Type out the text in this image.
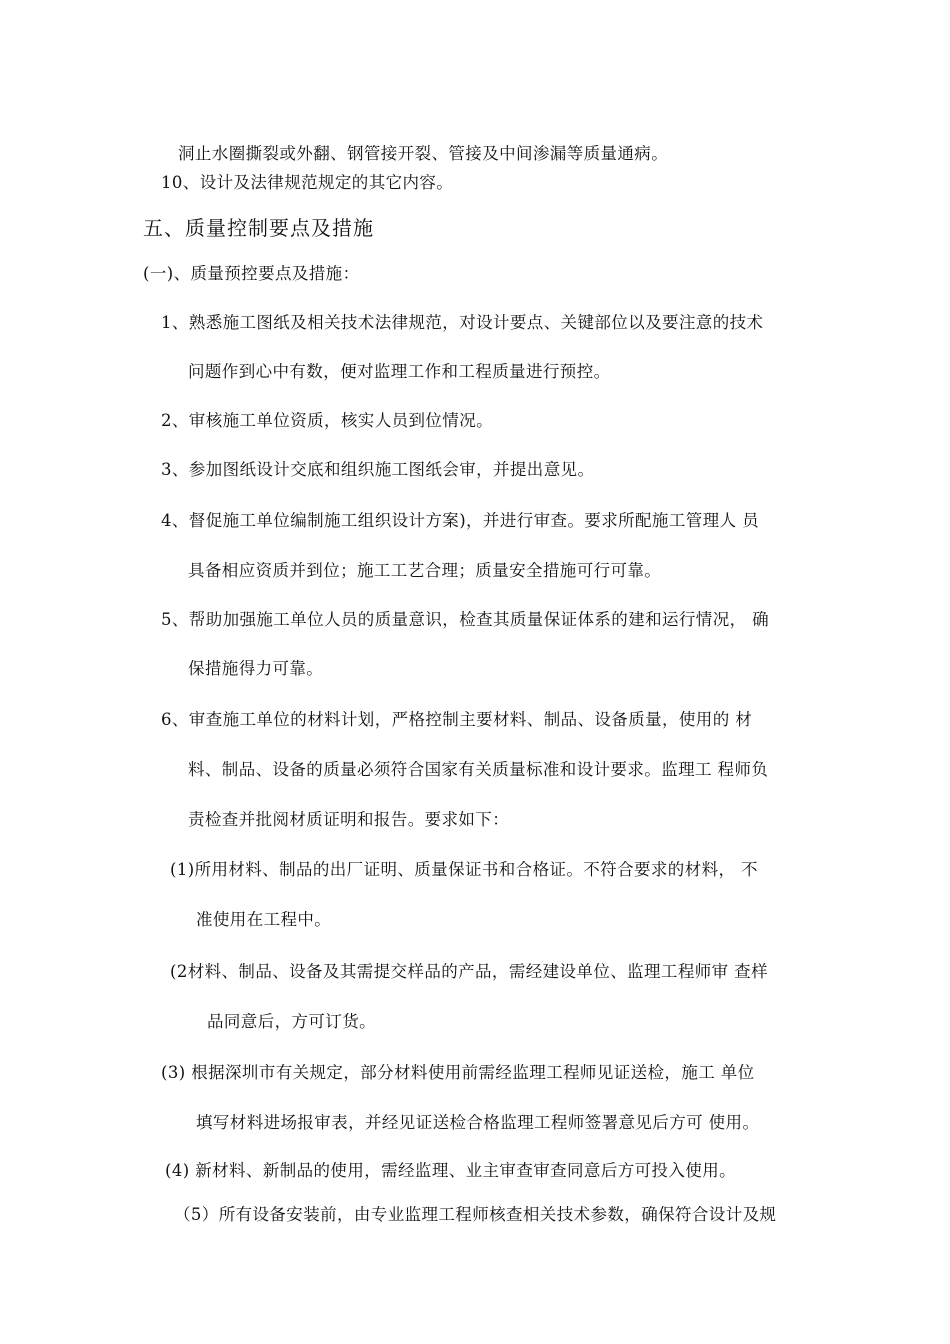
洞止水圈撕裂或外翻、钢管接开裂、管接及中间渗漏等质量通病。
10、设计及法律规范规定的其它内容。
五、质量控制要点及措施
(一)、质量预控要点及措施：
1、熟悉施工图纸及相关技术法律规范，对设计要点、关键部位以及要注意的技术
问题作到心中有数，便对监理工作和工程质量进行预控。
2、审核施工单位资质，核实人员到位情况。
3、参加图纸设计交底和组织施工图纸会审，并提出意见。
4、督促施工单位编制施工组织设计方案)，并进行审查。要求所配施工管理人 员
具备相应资质并到位；施工工艺合理；质量安全措施可行可靠。
5、帮助加强施工单位人员的质量意识，检查其质量保证体系的建和运行情况， 确
保措施得力可靠。
6、审查施工单位的材料计划，严格控制主要材料、制品、设备质量，使用的 材
料、制品、设备的质量必须符合国家有关质量标准和设计要求。监理工 程师负
责检查并批阅材质证明和报告。要求如下：
(1)所用材料、制品的出厂证明、质量保证书和合格证。不符合要求的材料， 不
准使用在工程中。
(2材料、制品、设备及其需提交样品的产品，需经建设单位、监理工程师审 查样
品同意后，方可订货。
(3) 根据深圳市有关规定，部分材料使用前需经监理工程师见证送检，施工 单位
填写材料进场报审表，并经见证送检合格监理工程师签署意见后方可 使用。
(4) 新材料、新制品的使用，需经监理、业主审查审查同意后方可投入使用。
（5）所有设备安装前，由专业监理工程师核查相关技术参数，确保符合设计及规
